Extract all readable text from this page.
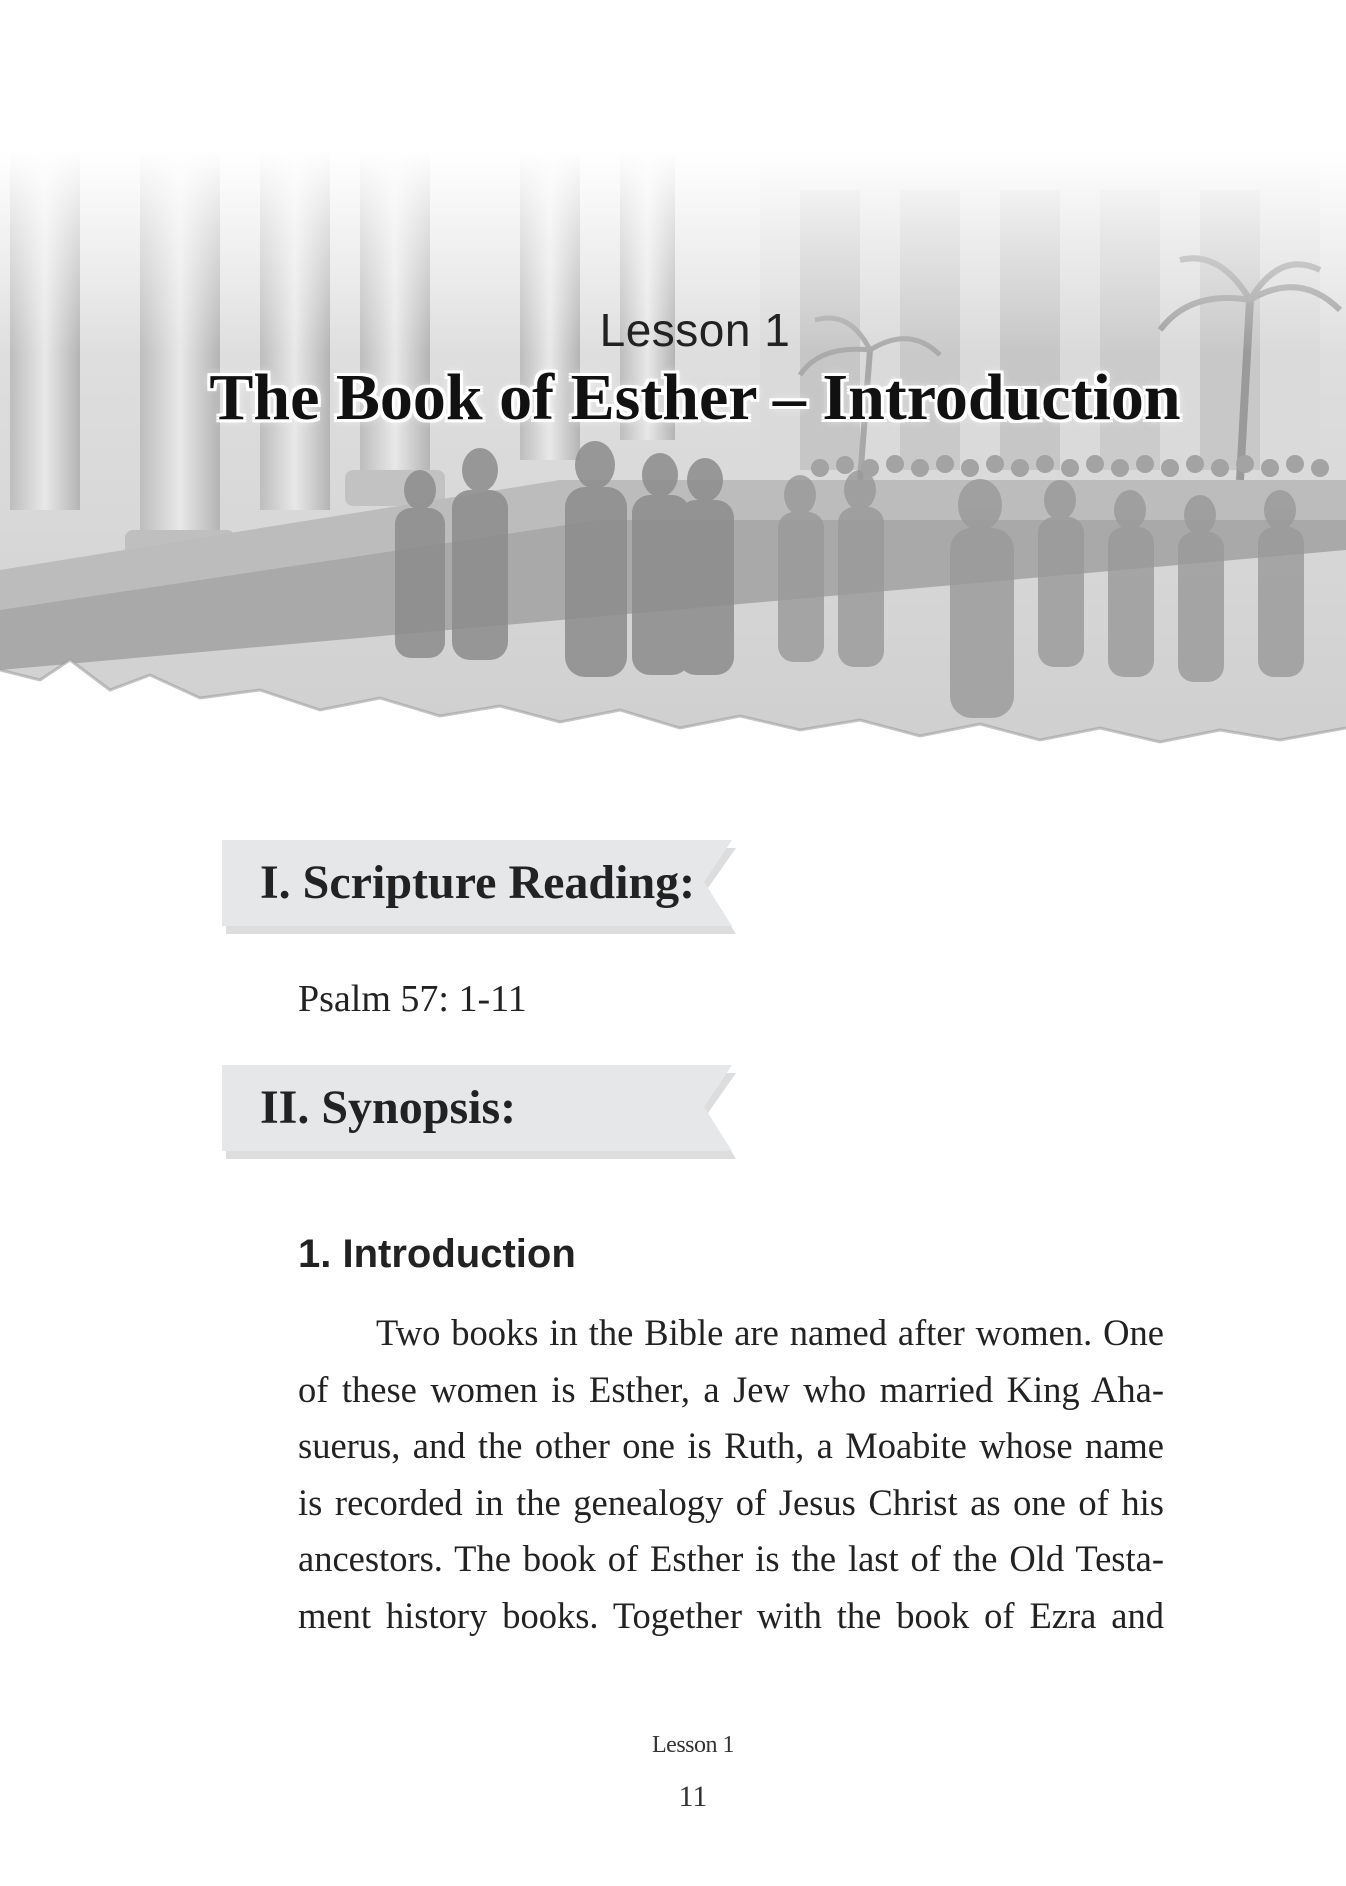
Lesson 1
The Book of Esther – Introduction
I. Scripture Reading:
Psalm 57: 1-11
II. Synopsis:
1. Introduction
Two books in the Bible are named after women. One
of these women is Esther, a Jew who married King Aha-
suerus, and the other one is Ruth, a Moabite whose name
is recorded in the genealogy of Jesus Christ as one of his
ancestors. The book of Esther is the last of the Old Testa-
ment history books. Together with the book of Ezra and
Lesson 1
11
